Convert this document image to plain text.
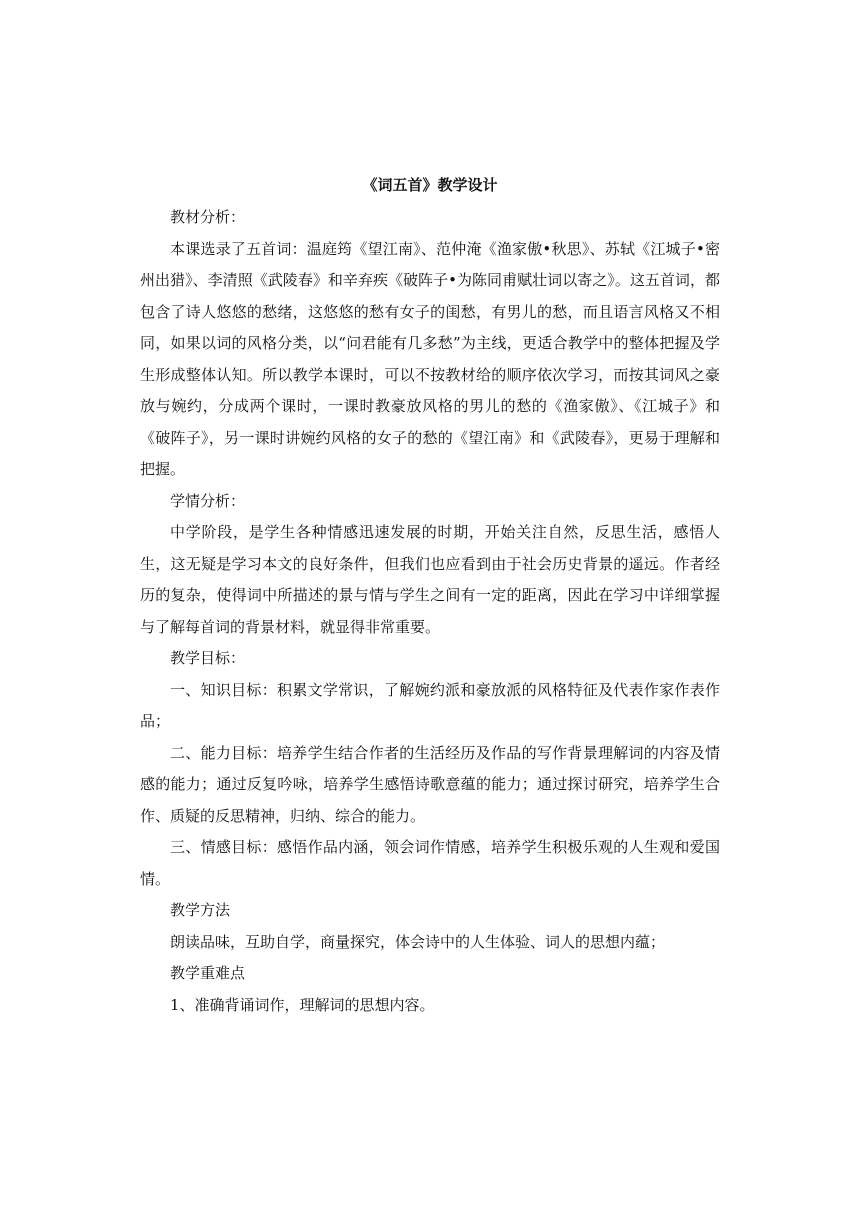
《词五首》教学设计

教材分析：

本课选录了五首词：温庭筠《望江南》、范仲淹《渔家傲•秋思》、苏轼《江城子•密州出猎》、李清照《武陵春》和辛弃疾《破阵子•为陈同甫赋壮词以寄之》。这五首词，都包含了诗人悠悠的愁绪，这悠悠的愁有女子的闺愁，有男儿的愁，而且语言风格又不相同，如果以词的风格分类，以“问君能有几多愁”为主线，更适合教学中的整体把握及学生形成整体认知。所以教学本课时，可以不按教材给的顺序依次学习，而按其词风之豪放与婉约，分成两个课时，一课时教豪放风格的男儿的愁的《渔家傲》、《江城子》和《破阵子》，另一课时讲婉约风格的女子的愁的《望江南》和《武陵春》，更易于理解和把握。

学情分析：

中学阶段，是学生各种情感迅速发展的时期，开始关注自然，反思生活，感悟人生，这无疑是学习本文的良好条件，但我们也应看到由于社会历史背景的遥远。作者经历的复杂，使得词中所描述的景与情与学生之间有一定的距离，因此在学习中详细掌握与了解每首词的背景材料，就显得非常重要。

教学目标：

一、知识目标：积累文学常识，了解婉约派和豪放派的风格特征及代表作家作表作品；

二、能力目标：培养学生结合作者的生活经历及作品的写作背景理解词的内容及情感的能力；通过反复吟咏，培养学生感悟诗歌意蕴的能力；通过探讨研究，培养学生合作、质疑的反思精神，归纳、综合的能力。

三、情感目标：感悟作品内涵，领会词作情感，培养学生积极乐观的人生观和爱国情。

教学方法

朗读品味，互助自学，商量探究，体会诗中的人生体验、词人的思想内蕴；

教学重难点

1、准确背诵词作，理解词的思想内容。
